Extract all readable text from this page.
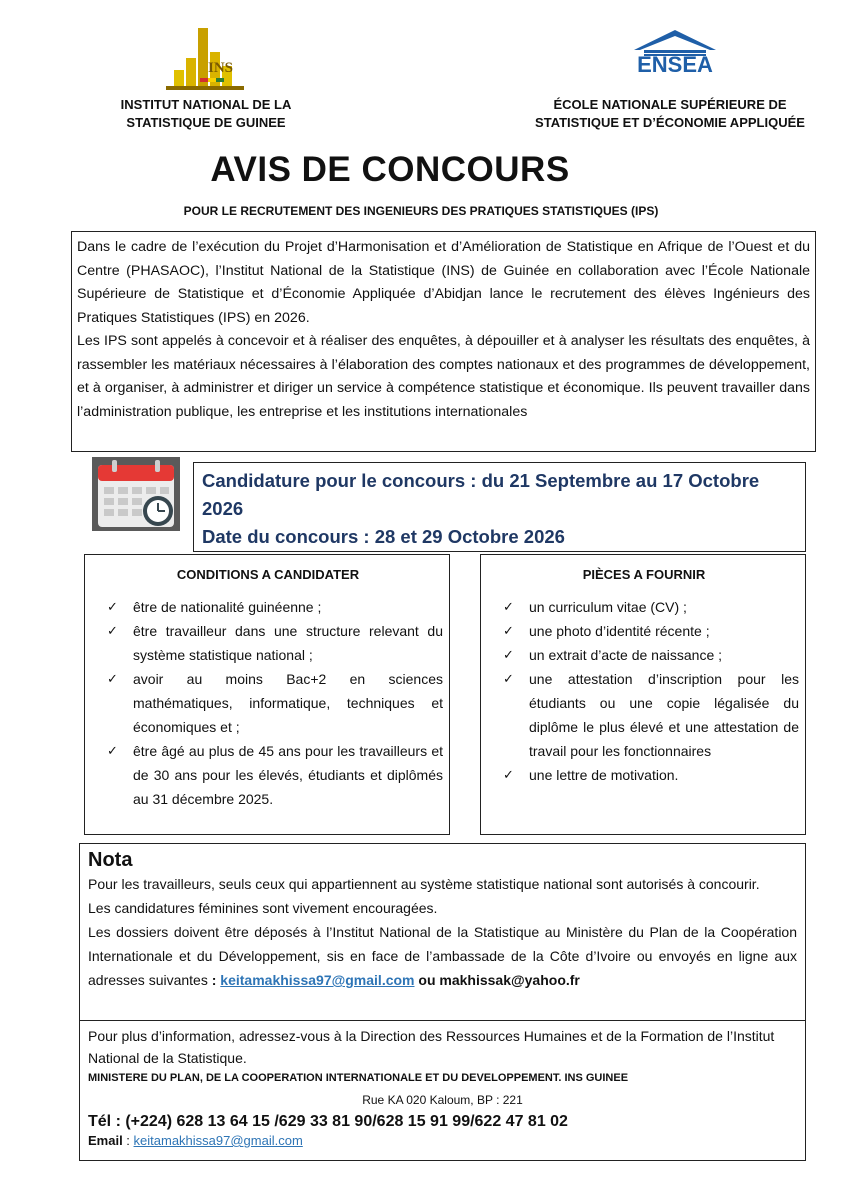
INS
INSTITUT NATIONAL DE LA
STATISTIQUE DE GUINEE
ENSEA
ÉCOLE NATIONALE SUPÉRIEURE DE
STATISTIQUE ET D’ÉCONOMIE APPLIQUÉE
AVIS DE CONCOURS
POUR LE RECRUTEMENT DES INGENIEURS DES PRATIQUES STATISTIQUES (IPS)

Dans le cadre de l’exécution du Projet d’Harmonisation et d’Amélioration de Statistique en Afrique de l’Ouest et du Centre (PHASAOC), l’Institut National de la Statistique (INS) de Guinée en collaboration avec l’École Nationale Supérieure de Statistique et d’Économie Appliquée d’Abidjan lance le recrutement des élèves Ingénieurs des Pratiques Statistiques (IPS) en 2026.

Les IPS sont appelés à concevoir et à réaliser des enquêtes, à dépouiller et à analyser les résultats des enquêtes, à rassembler les matériaux nécessaires à l’élaboration des comptes nationaux et des programmes de développement, et à organiser, à administrer et diriger un service à compétence statistique et économique. Ils peuvent travailler dans l’administration publique, les entreprise et les institutions internationales

Candidature pour le concours : du 21 Septembre au 17 Octobre 2026
Date du concours : 28 et 29 Octobre 2026
CONDITIONS A CANDIDATER
✓ être de nationalité guinéenne ;
✓ être travailleur dans une structure relevant du système statistique national ;
✓ avoir au moins Bac+2 en sciences mathématiques, informatique, techniques et économiques et ;
✓ être âgé au plus de 45 ans pour les travailleurs et de 30 ans pour les élevés, étudiants et diplômés au 31 décembre 2025.
PIÈCES A FOURNIR
✓ un curriculum vitae (CV) ;
✓ une photo d’identité récente ;
✓ un extrait d’acte de naissance ;
✓ une attestation d’inscription pour les étudiants ou une copie légalisée du diplôme le plus élevé et une attestation de travail pour les fonctionnaires
✓ une lettre de motivation.
Nota

Pour les travailleurs, seuls ceux qui appartiennent au système statistique national sont autorisés à concourir.

Les candidatures féminines sont vivement encouragées.

Les dossiers doivent être déposés à l’Institut National de la Statistique au Ministère du Plan de la Coopération Internationale et du Développement, sis en face de l’ambassade de la Côte d’Ivoire ou envoyés en ligne aux adresses suivantes : keitamakhissa97@gmail.com ou makhissak@yahoo.fr

Pour plus d’information, adressez-vous à la Direction des Ressources Humaines et de la Formation de l’Institut National de la Statistique.

MINISTERE DU PLAN, DE LA COOPERATION INTERNATIONALE ET DU DEVELOPPEMENT. INS GUINEE

Rue KA 020 Kaloum, BP : 221

Tél : (+224) 628 13 64 15 /629 33 81 90/628 15 91 99/622 47 81 02

Email : keitamakhissa97@gmail.com
